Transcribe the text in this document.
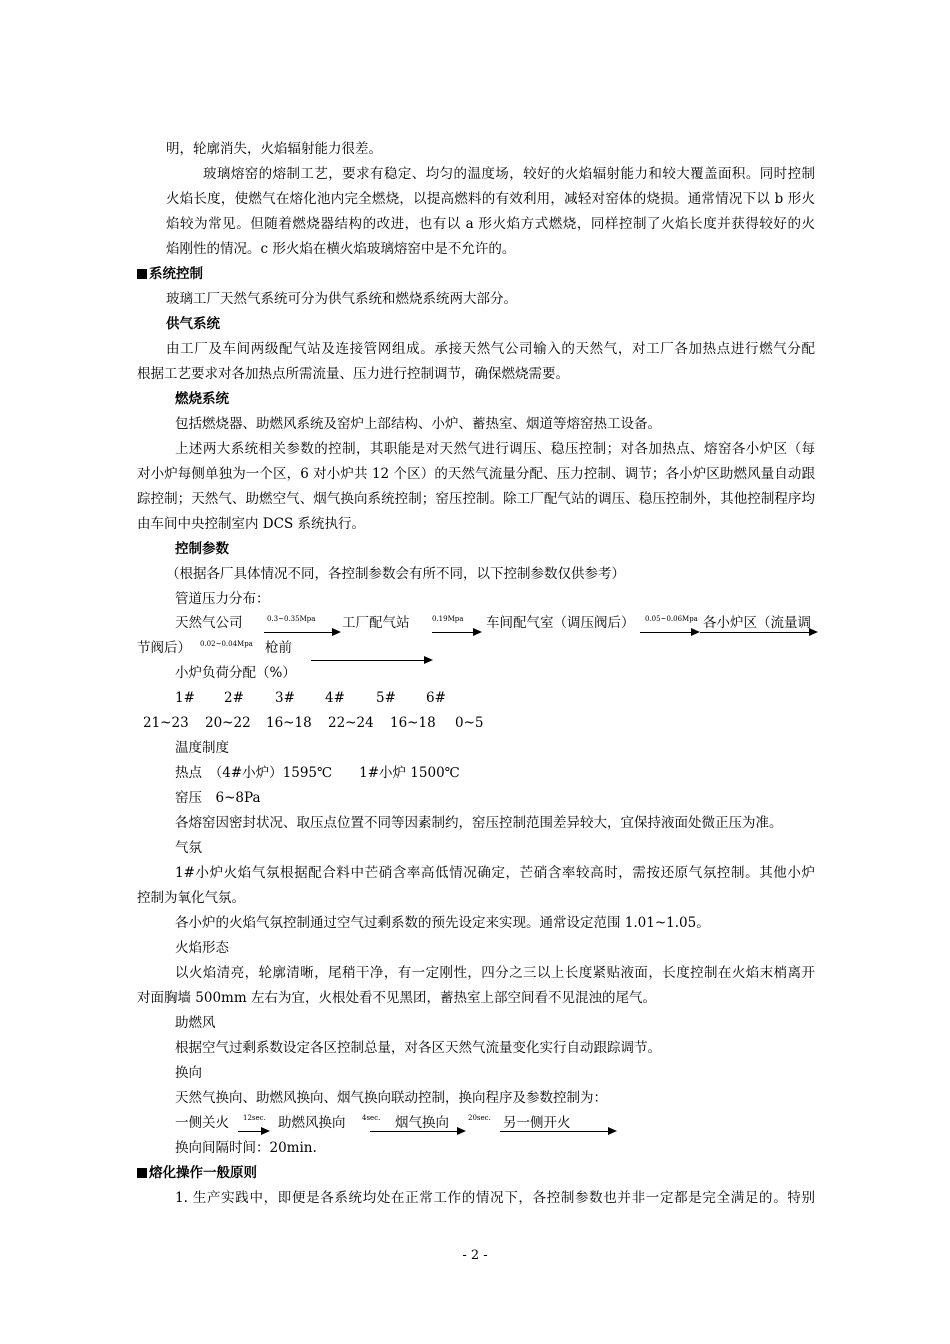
明，轮廓消失，火焰辐射能力很差。
玻璃熔窑的熔制工艺，要求有稳定、均匀的温度场，较好的火焰辐射能力和较大覆盖面积。同时控制
火焰长度，使燃气在熔化池内完全燃烧，以提高燃料的有效利用，减轻对窑体的烧损。通常情况下以 b 形火
焰较为常见。但随着燃烧器结构的改进，也有以 a 形火焰方式燃烧，同样控制了火焰长度并获得较好的火
焰刚性的情况。c 形火焰在横火焰玻璃熔窑中是不允许的。
系统控制
玻璃工厂天然气系统可分为供气系统和燃烧系统两大部分。
供气系统
由工厂及车间两级配气站及连接管网组成。承接天然气公司输入的天然气，对工厂各加热点进行燃气分配
根据工艺要求对各加热点所需流量、压力进行控制调节，确保燃烧需要。
燃烧系统
包括燃烧器、助燃风系统及窑炉上部结构、小炉、蓄热室、烟道等熔窑热工设备。
上述两大系统相关参数的控制，其职能是对天然气进行调压、稳压控制；对各加热点、熔窑各小炉区（每
对小炉每侧单独为一个区，6 对小炉共 12 个区）的天然气流量分配、压力控制、调节；各小炉区助燃风量自动跟
踪控制；天然气、助燃空气、烟气换向系统控制；窑压控制。除工厂配气站的调压、稳压控制外，其他控制程序均
由车间中央控制室内 DCS 系统执行。
控制参数
（根据各厂具体情况不同，各控制参数会有所不同，以下控制参数仅供参考）
管道压力分布：
天然气公司	0.3~0.35Mpa 工厂配气站	0.19Mpa 车间配气室（调压阀后） 0.05~0.06Mpa 各小炉区（流量调
节阀后） 0.02~0.04Mpa 枪前
小炉负荷分配（%）
1# 2# 3# 4# 5# 6#
21~23 20~22 16~18 22~24 16~18 0~5
温度制度
热点　（4#小炉）1595℃　　1#小炉 1500℃
窑压　6~8Pa
各熔窑因密封状况、取压点位置不同等因素制约，窑压控制范围差异较大，宜保持液面处微正压为准。
气氛
1#小炉火焰气氛根据配合料中芒硝含率高低情况确定，芒硝含率较高时，需按还原气氛控制。其他小炉
控制为氧化气氛。
各小炉的火焰气氛控制通过空气过剩系数的预先设定来实现。通常设定范围 1.01~1.05。
火焰形态
以火焰清亮，轮廓清晰，尾稍干净，有一定刚性，四分之三以上长度紧贴液面，长度控制在火焰末梢离开
对面胸墙 500mm 左右为宜，火根处看不见黑团，蓄热室上部空间看不见混浊的尾气。
助燃风
根据空气过剩系数设定各区控制总量，对各区天然气流量变化实行自动跟踪调节。
换向
天然气换向、助燃风换向、烟气换向联动控制，换向程序及参数控制为：
一侧关火 12sec. 助燃风换向 4sec. 烟气换向	20sec. 另一侧开火
换向间隔时间：20min.
熔化操作一般原则
1. 生产实践中，即便是各系统均处在正常工作的情况下，各控制参数也并非一定都是完全满足的。特别
- 2 -
